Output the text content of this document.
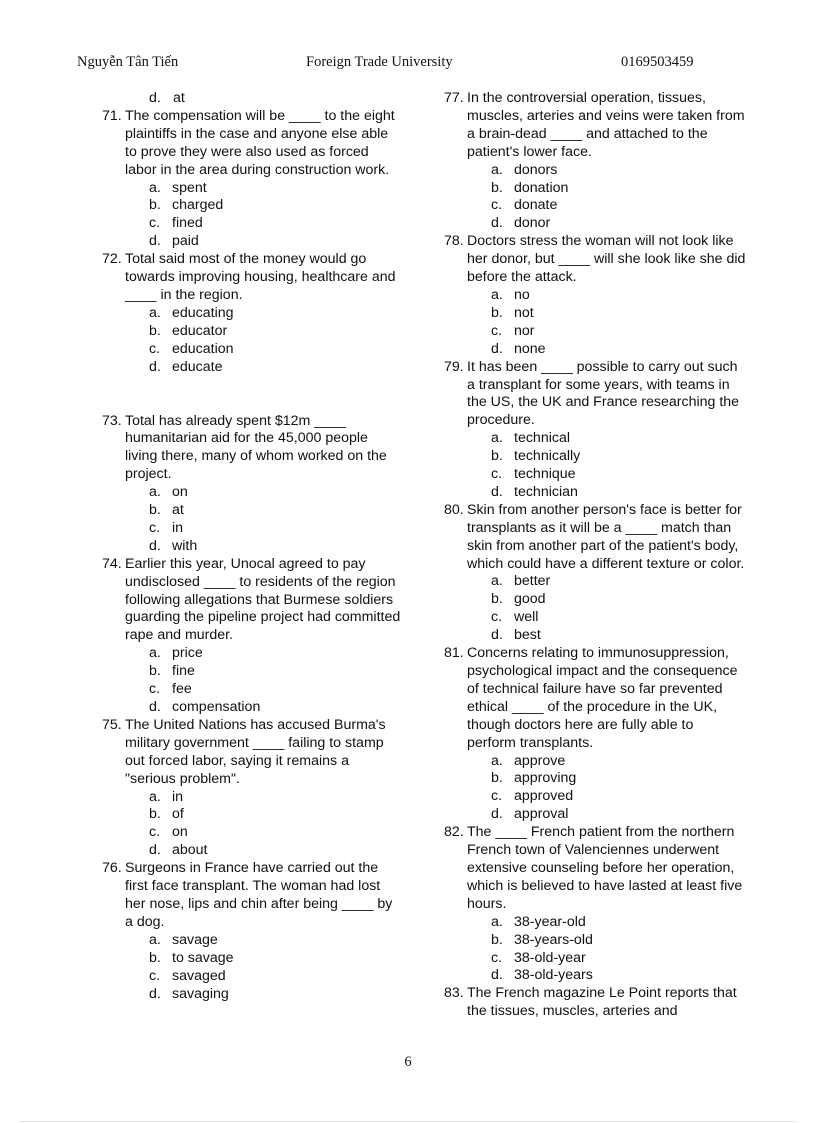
Nguyễn Tân Tiến	Foreign Trade University	0169503459
d. at
71. The compensation will be ____ to the eight plaintiffs in the case and anyone else able to prove they were also used as forced labor in the area during construction work.
a. spent
b. charged
c. fined
d. paid
72. Total said most of the money would go towards improving housing, healthcare and ____ in the region.
a. educating
b. educator
c. education
d. educate
73. Total has already spent $12m ____ humanitarian aid for the 45,000 people living there, many of whom worked on the project.
a. on
b. at
c. in
d. with
74. Earlier this year, Unocal agreed to pay undisclosed ____ to residents of the region following allegations that Burmese soldiers guarding the pipeline project had committed rape and murder.
a. price
b. fine
c. fee
d. compensation
75. The United Nations has accused Burma's military government ____ failing to stamp out forced labor, saying it remains a "serious problem".
a. in
b. of
c. on
d. about
76. Surgeons in France have carried out the first face transplant. The woman had lost her nose, lips and chin after being ____ by a dog.
a. savage
b. to savage
c. savaged
d. savaging
77. In the controversial operation, tissues, muscles, arteries and veins were taken from a brain-dead ____ and attached to the patient's lower face.
a. donors
b. donation
c. donate
d. donor
78. Doctors stress the woman will not look like her donor, but ____ will she look like she did before the attack.
a. no
b. not
c. nor
d. none
79. It has been ____ possible to carry out such a transplant for some years, with teams in the US, the UK and France researching the procedure.
a. technical
b. technically
c. technique
d. technician
80. Skin from another person's face is better for transplants as it will be a ____ match than skin from another part of the patient's body, which could have a different texture or color.
a. better
b. good
c. well
d. best
81. Concerns relating to immunosuppression, psychological impact and the consequence of technical failure have so far prevented ethical ____ of the procedure in the UK, though doctors here are fully able to perform transplants.
a. approve
b. approving
c. approved
d. approval
82. The ____ French patient from the northern French town of Valenciennes underwent extensive counseling before her operation, which is believed to have lasted at least five hours.
a. 38-year-old
b. 38-years-old
c. 38-old-year
d. 38-old-years
83. The French magazine Le Point reports that the tissues, muscles, arteries and
6
